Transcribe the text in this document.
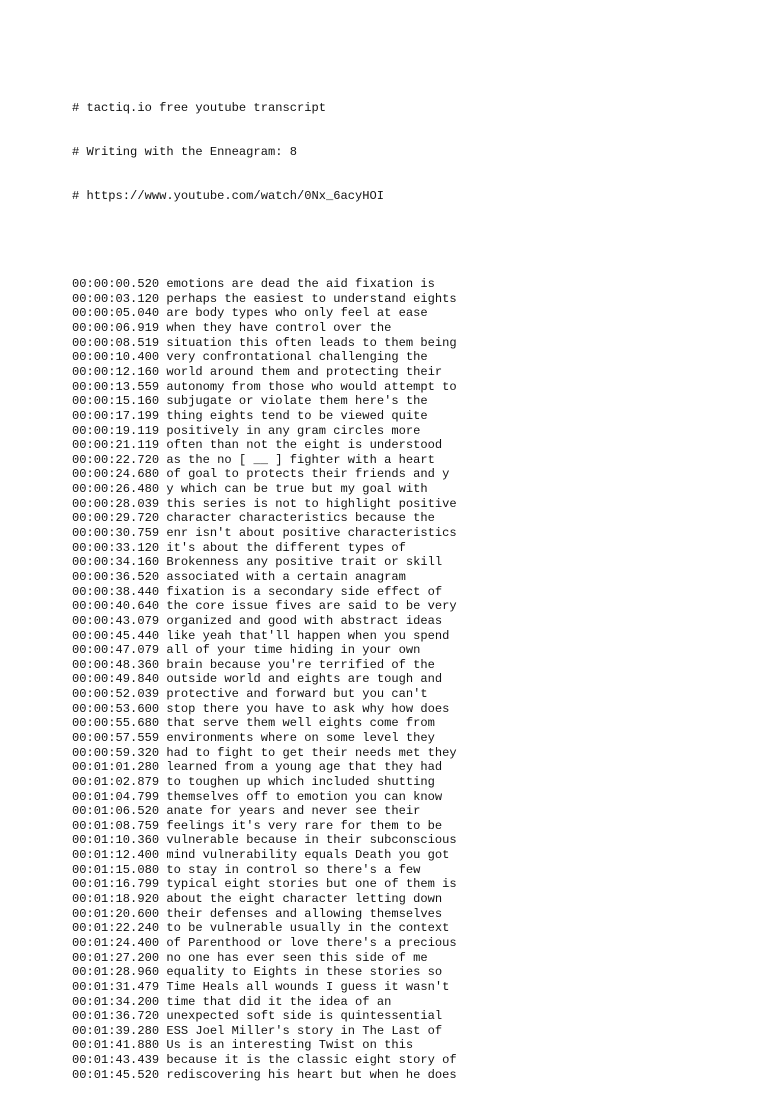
# tactiq.io free youtube transcript

# Writing with the Enneagram: 8

# https://www.youtube.com/watch/0Nx_6acyHOI

00:00:00.520 emotions are dead the aid fixation is
00:00:03.120 perhaps the easiest to understand eights
00:00:05.040 are body types who only feel at ease
00:00:06.919 when they have control over the
00:00:08.519 situation this often leads to them being
00:00:10.400 very confrontational challenging the
00:00:12.160 world around them and protecting their
00:00:13.559 autonomy from those who would attempt to
00:00:15.160 subjugate or violate them here's the
00:00:17.199 thing eights tend to be viewed quite
00:00:19.119 positively in any gram circles more
00:00:21.119 often than not the eight is understood
00:00:22.720 as the no [ __ ] fighter with a heart
00:00:24.680 of goal to protects their friends and y
00:00:26.480 y which can be true but my goal with
00:00:28.039 this series is not to highlight positive
00:00:29.720 character characteristics because the
00:00:30.759 enr isn't about positive characteristics
00:00:33.120 it's about the different types of
00:00:34.160 Brokenness any positive trait or skill
00:00:36.520 associated with a certain anagram
00:00:38.440 fixation is a secondary side effect of
00:00:40.640 the core issue fives are said to be very
00:00:43.079 organized and good with abstract ideas
00:00:45.440 like yeah that'll happen when you spend
00:00:47.079 all of your time hiding in your own
00:00:48.360 brain because you're terrified of the
00:00:49.840 outside world and eights are tough and
00:00:52.039 protective and forward but you can't
00:00:53.600 stop there you have to ask why how does
00:00:55.680 that serve them well eights come from
00:00:57.559 environments where on some level they
00:00:59.320 had to fight to get their needs met they
00:01:01.280 learned from a young age that they had
00:01:02.879 to toughen up which included shutting
00:01:04.799 themselves off to emotion you can know
00:01:06.520 anate for years and never see their
00:01:08.759 feelings it's very rare for them to be
00:01:10.360 vulnerable because in their subconscious
00:01:12.400 mind vulnerability equals Death you got
00:01:15.080 to stay in control so there's a few
00:01:16.799 typical eight stories but one of them is
00:01:18.920 about the eight character letting down
00:01:20.600 their defenses and allowing themselves
00:01:22.240 to be vulnerable usually in the context
00:01:24.400 of Parenthood or love there's a precious
00:01:27.200 no one has ever seen this side of me
00:01:28.960 equality to Eights in these stories so
00:01:31.479 Time Heals all wounds I guess it wasn't
00:01:34.200 time that did it the idea of an
00:01:36.720 unexpected soft side is quintessential
00:01:39.280 ESS Joel Miller's story in The Last of
00:01:41.880 Us is an interesting Twist on this
00:01:43.439 because it is the classic eight story of
00:01:45.520 rediscovering his heart but when he does
